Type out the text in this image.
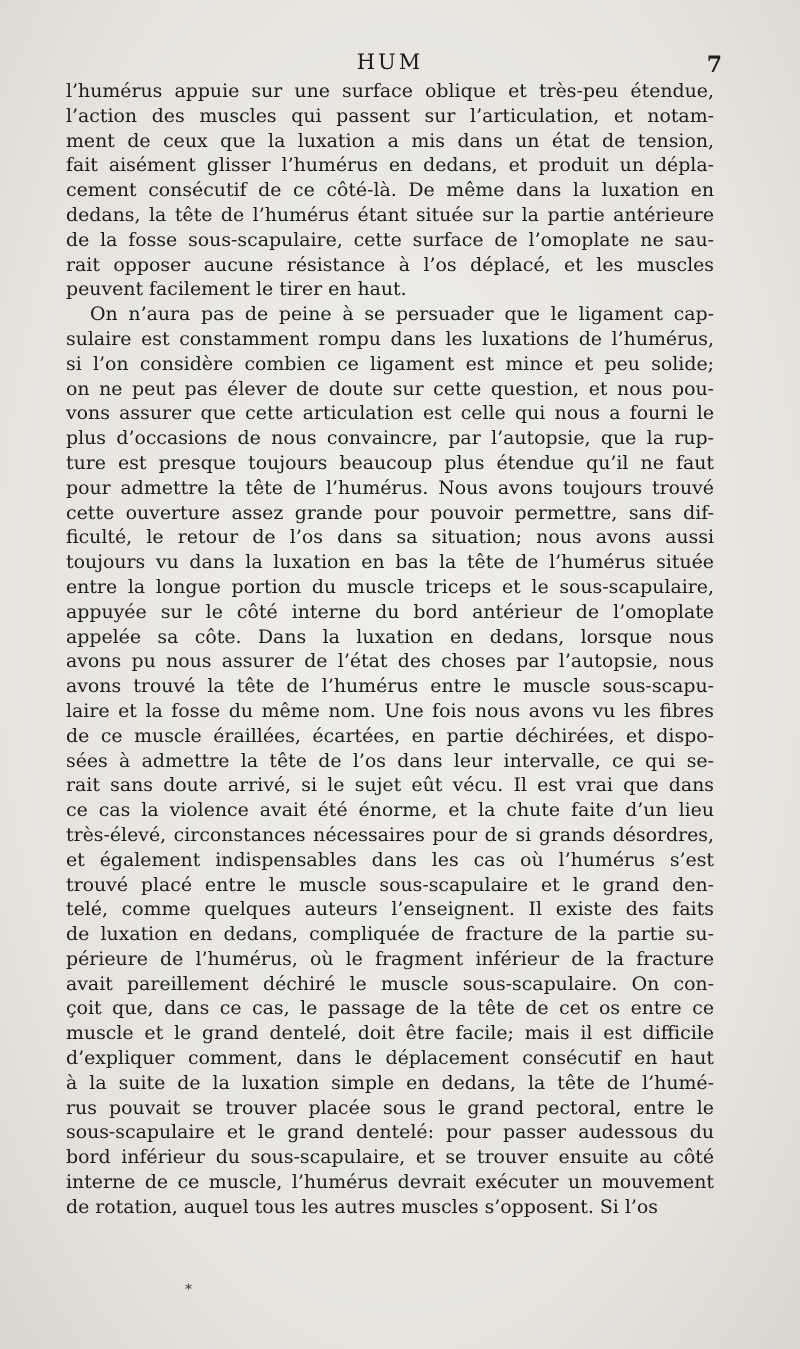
HUM	7
l’humérus appuie sur une surface oblique et très-peu étendue,
l’action des muscles qui passent sur l’articulation, et notam-
ment de ceux que la luxation a mis dans un état de tension,
fait aisément glisser l’humérus en dedans, et produit un dépla-
cement consécutif de ce côté-là. De même dans la luxation en
dedans, la tête de l’humérus étant située sur la partie antérieure
de la fosse sous-scapulaire, cette surface de l’omoplate ne sau-
rait opposer aucune résistance à l’os déplacé, et les muscles
peuvent facilement le tirer en haut.
On n’aura pas de peine à se persuader que le ligament cap-
sulaire est constamment rompu dans les luxations de l’humérus,
si l’on considère combien ce ligament est mince et peu solide;
on ne peut pas élever de doute sur cette question, et nous pou-
vons assurer que cette articulation est celle qui nous a fourni le
plus d’occasions de nous convaincre, par l’autopsie, que la rup-
ture est presque toujours beaucoup plus étendue qu’il ne faut
pour admettre la tête de l’humérus. Nous avons toujours trouvé
cette ouverture assez grande pour pouvoir permettre, sans dif-
ficulté, le retour de l’os dans sa situation; nous avons aussi
toujours vu dans la luxation en bas la tête de l’humérus située
entre la longue portion du muscle triceps et le sous-scapulaire,
appuyée sur le côté interne du bord antérieur de l’omoplate
appelée sa côte. Dans la luxation en dedans, lorsque nous
avons pu nous assurer de l’état des choses par l’autopsie, nous
avons trouvé la tête de l’humérus entre le muscle sous-scapu-
laire et la fosse du même nom. Une fois nous avons vu les fibres
de ce muscle éraillées, écartées, en partie déchirées, et dispo-
sées à admettre la tête de l’os dans leur intervalle, ce qui se-
rait sans doute arrivé, si le sujet eût vécu. Il est vrai que dans
ce cas la violence avait été énorme, et la chute faite d’un lieu
très-élevé, circonstances nécessaires pour de si grands désordres,
et également indispensables dans les cas où l’humérus s’est
trouvé placé entre le muscle sous-scapulaire et le grand den-
telé, comme quelques auteurs l’enseignent. Il existe des faits
de luxation en dedans, compliquée de fracture de la partie su-
périeure de l’humérus, où le fragment inférieur de la fracture
avait pareillement déchiré le muscle sous-scapulaire. On con-
çoit que, dans ce cas, le passage de la tête de cet os entre ce
muscle et le grand dentelé, doit être facile; mais il est difficile
d’expliquer comment, dans le déplacement consécutif en haut
à la suite de la luxation simple en dedans, la tête de l’humé-
rus pouvait se trouver placée sous le grand pectoral, entre le
sous-scapulaire et le grand dentelé: pour passer audessous du
bord inférieur du sous-scapulaire, et se trouver ensuite au côté
interne de ce muscle, l’humérus devrait exécuter un mouvement
de rotation, auquel tous les autres muscles s’opposent. Si l’os
*
